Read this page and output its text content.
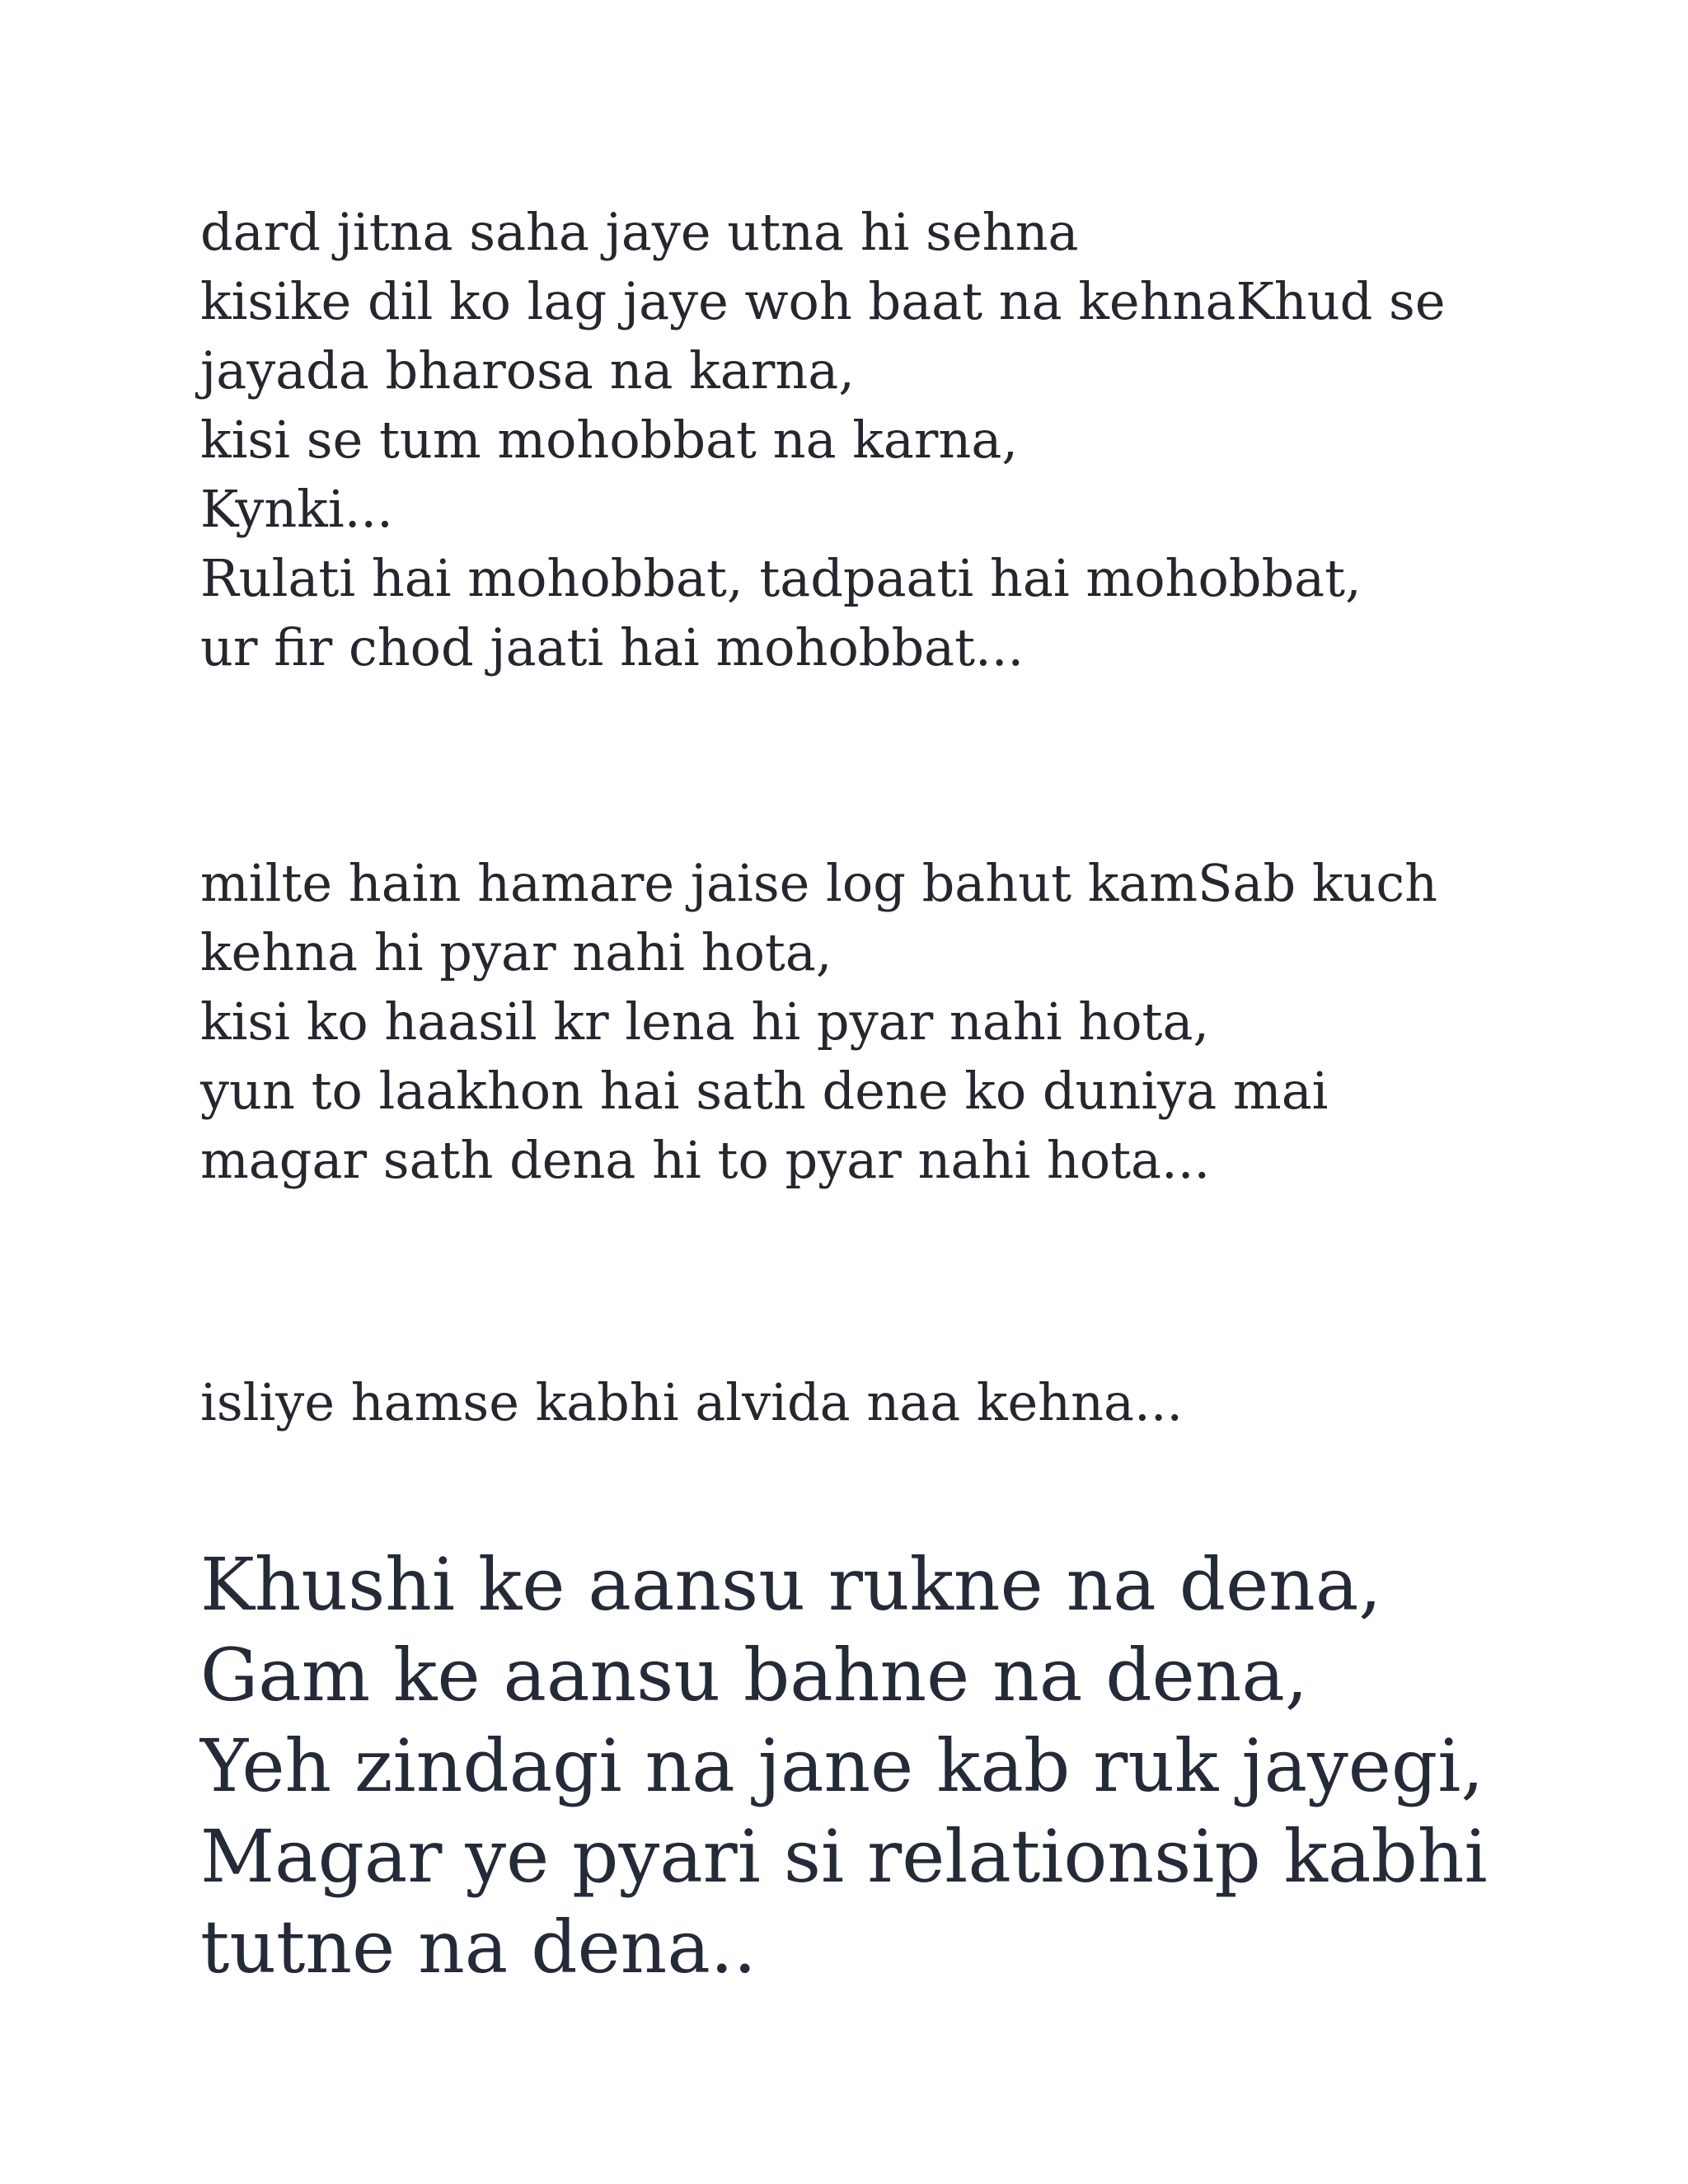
dard jitna saha jaye utna hi sehna
kisike dil ko lag jaye woh baat na kehnaKhud se
jayada bharosa na karna,
kisi se tum mohobbat na karna,
Kynki...
Rulati hai mohobbat, tadpaati hai mohobbat,
ur fir chod jaati hai mohobbat...
milte hain hamare jaise log bahut kamSab kuch
kehna hi pyar nahi hota,
kisi ko haasil kr lena hi pyar nahi hota,
yun to laakhon hai sath dene ko duniya mai
magar sath dena hi to pyar nahi hota...
isliye hamse kabhi alvida naa kehna...
Khushi ke aansu rukne na dena,
Gam ke aansu bahne na dena,
Yeh zindagi na jane kab ruk jayegi,
Magar ye pyari si relationsip kabhi
tutne na dena..
